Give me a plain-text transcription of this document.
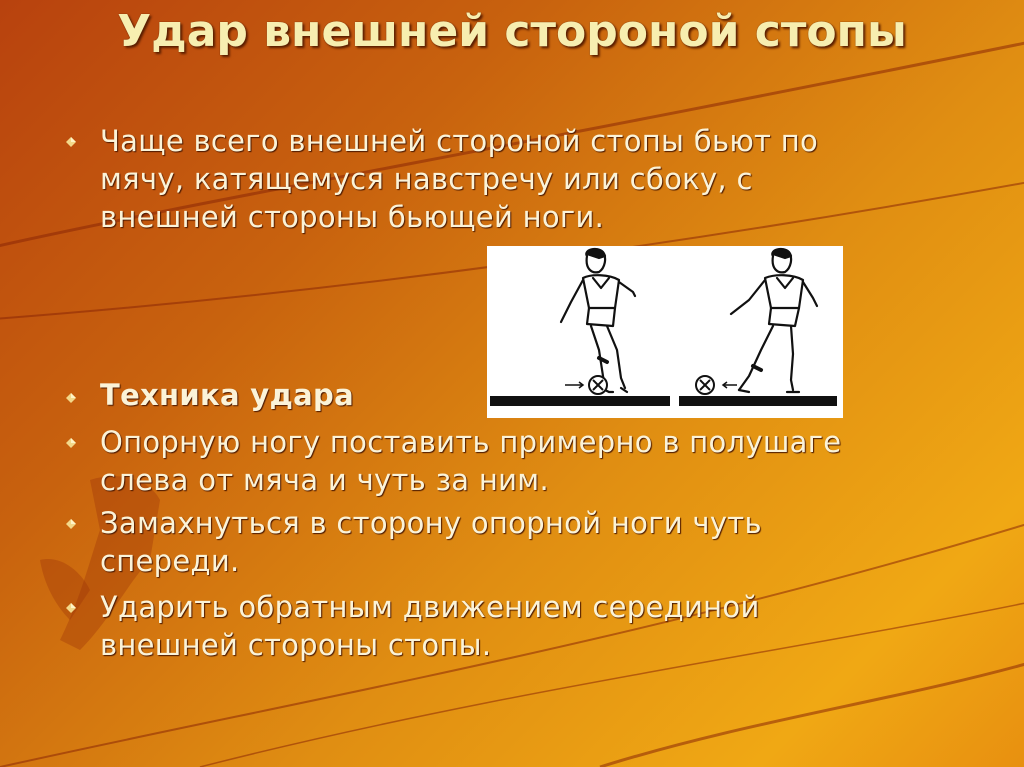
Удар внешней стороной стопы
Чаще всего внешней стороной стопы бьют по
мячу, катящемуся навстречу или сбоку, с
внешней стороны бьющей ноги.
Техника удара
Опорную ногу поставить примерно в полушаге
слева от мяча и чуть за ним.
Замахнуться в сторону опорной ноги чуть
спереди.
Ударить обратным движением серединой
внешней стороны стопы.
